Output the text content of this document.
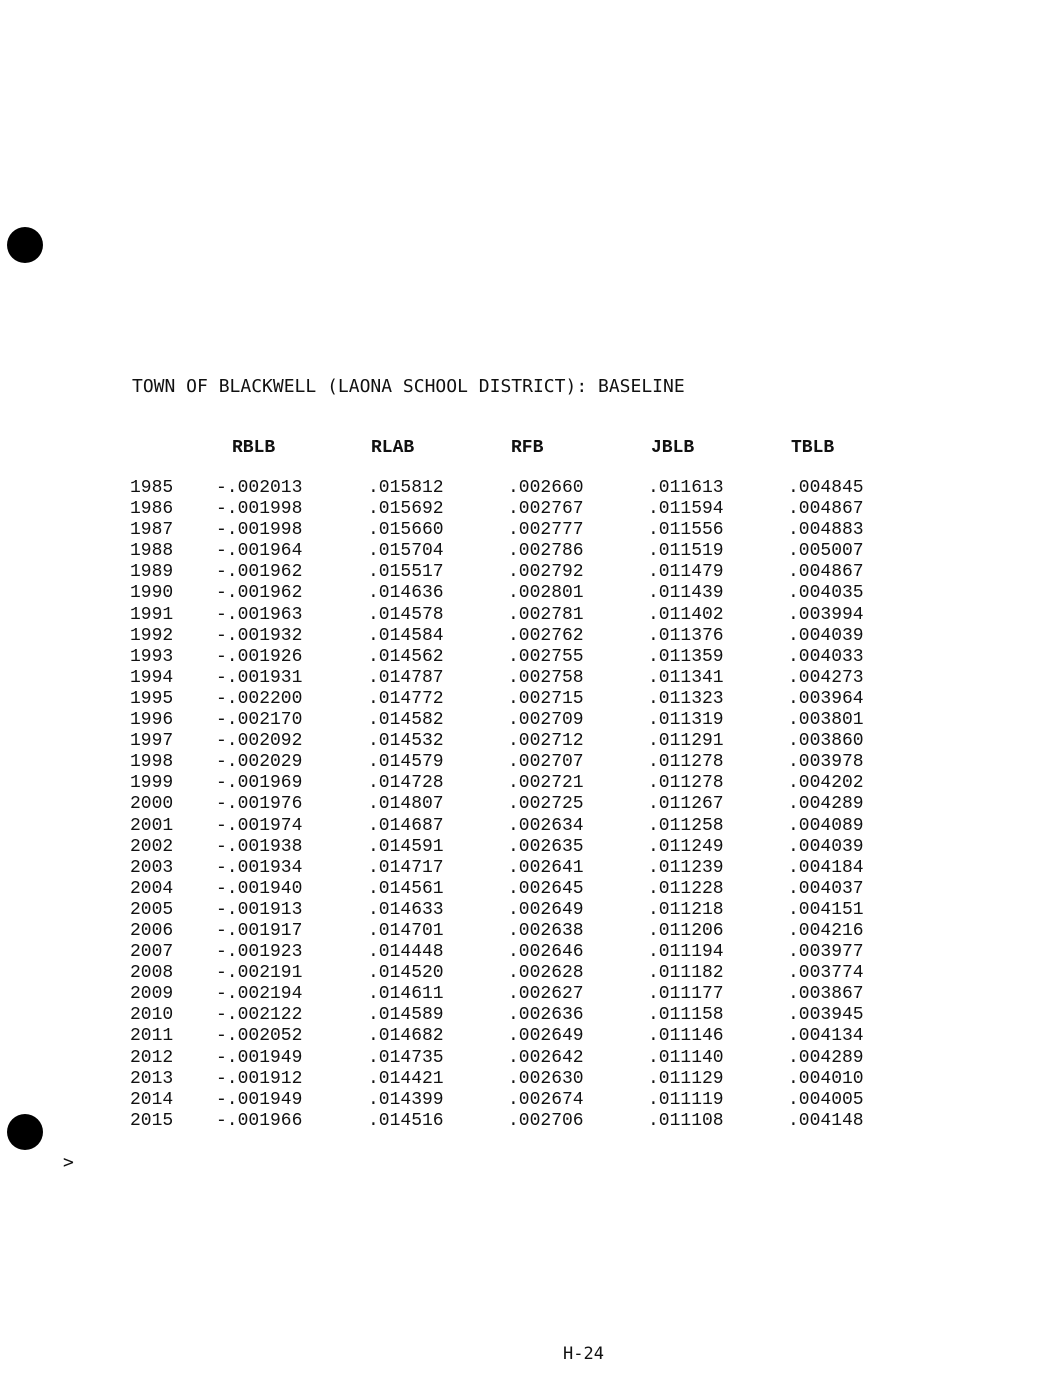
>
TOWN OF BLACKWELL (LAONA SCHOOL DISTRICT): BASELINE
RBLB	RLAB	RFB	JBLB	TBLB
1985 -.002013	.015812	.002660	.011613	.004845
1986 -.001998	.015692	.002767	.011594	.004867
1987 -.001998	.015660	.002777	.011556	.004883
1988 -.001964	.015704	.002786	.011519	.005007
1989 -.001962	.015517	.002792	.011479	.004867
1990 -.001962	.014636	.002801	.011439	.004035
1991 -.001963	.014578	.002781	.011402	.003994
1992 -.001932	.014584	.002762	.011376	.004039
1993 -.001926	.014562	.002755	.011359	.004033
1994 -.001931	.014787	.002758	.011341	.004273
1995 -.002200	.014772	.002715	.011323	.003964
1996 -.002170	.014582	.002709	.011319	.003801
1997 -.002092	.014532	.002712	.011291	.003860
1998 -.002029	.014579	.002707	.011278	.003978
1999 -.001969	.014728	.002721	.011278	.004202
2000 -.001976	.014807	.002725	.011267	.004289
2001 -.001974	.014687	.002634	.011258	.004089
2002 -.001938	.014591	.002635	.011249	.004039
2003 -.001934	.014717	.002641	.011239	.004184
2004 -.001940	.014561	.002645	.011228	.004037
2005 -.001913	.014633	.002649	.011218	.004151
2006 -.001917	.014701	.002638	.011206	.004216
2007 -.001923	.014448	.002646	.011194	.003977
2008 -.002191	.014520	.002628	.011182	.003774
2009 -.002194	.014611	.002627	.011177	.003867
2010 -.002122	.014589	.002636	.011158	.003945
2011 -.002052	.014682	.002649	.011146	.004134
2012 -.001949	.014735	.002642	.011140	.004289
2013 -.001912	.014421	.002630	.011129	.004010
2014 -.001949	.014399	.002674	.011119	.004005
2015 -.001966	.014516	.002706	.011108	.004148
H-24
